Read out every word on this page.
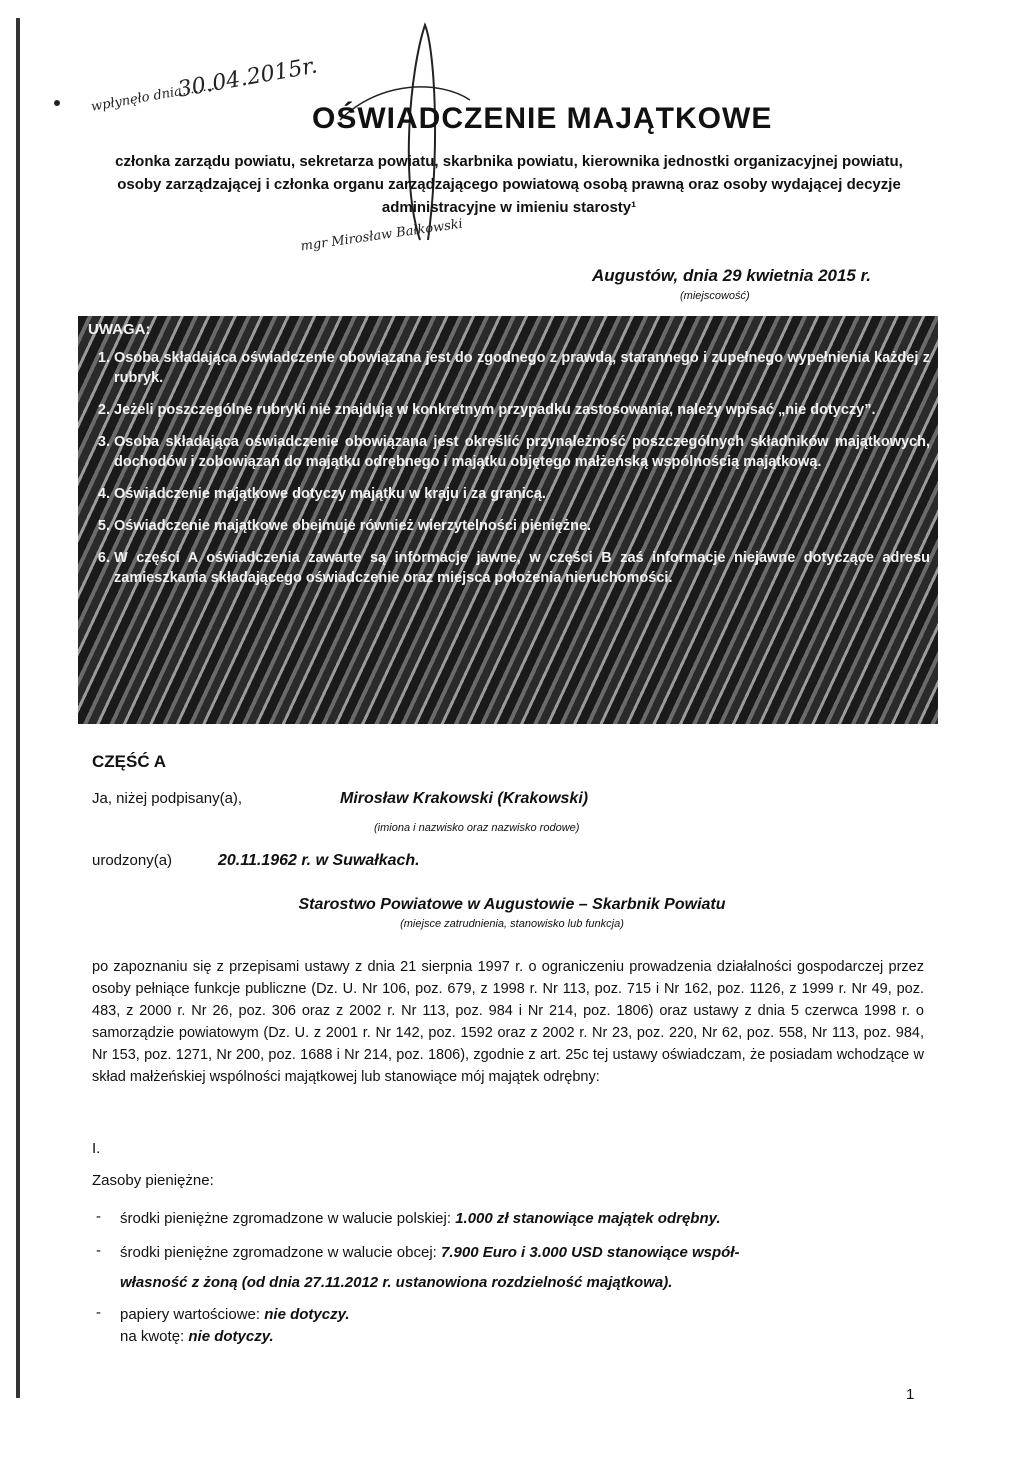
wpłynęło dnia.........
30.04.2015r.
OŚWIADCZENIE MAJĄTKOWE
członka zarządu powiatu, sekretarza powiatu, skarbnika powiatu, kierownika jednostki organizacyjnej powiatu, osoby zarządzającej i członka organu zarządzającego powiatową osobą prawną oraz osoby wydającej decyzje administracyjne w imieniu starosty¹
mgr Mirosław Bałkowski
Augustów, dnia 29 kwietnia 2015 r.
(miejscowość)
UWAGA:
1. Osoba składająca oświadczenie obowiązana jest do zgodnego z prawdą, starannego i zupełnego wypełnienia każdej z rubryk.
2. Jeżeli poszczególne rubryki nie znajdują w konkretnym przypadku zastosowania, należy wpisać „nie dotyczy”.
3. Osoba składająca oświadczenie obowiązana jest określić przynależność poszczególnych składników majątkowych, dochodów i zobowiązań do majątku odrębnego i majątku objętego małżeńską wspólnością majątkową.
4. Oświadczenie majątkowe dotyczy majątku w kraju i za granicą.
5. Oświadczenie majątkowe obejmuje również wierzytelności pieniężne.
6. W części A oświadczenia zawarte są informacje jawne, w części B zaś informacje niejawne dotyczące adresu zamieszkania składającego oświadczenie oraz miejsca położenia nieruchomości.
CZĘŚĆ A
Ja, niżej podpisany(a),	Mirosław Krakowski (Krakowski)
(imiona i nazwisko oraz nazwisko rodowe)
urodzony(a)	20.11.1962 r. w Suwałkach.
Starostwo Powiatowe w Augustowie – Skarbnik Powiatu
(miejsce zatrudnienia, stanowisko lub funkcja)
po zapoznaniu się z przepisami ustawy z dnia 21 sierpnia 1997 r. o ograniczeniu prowadzenia działalności gospodarczej przez osoby pełniące funkcje publiczne (Dz. U. Nr 106, poz. 679, z 1998 r. Nr 113, poz. 715 i Nr 162, poz. 1126, z 1999 r. Nr 49, poz. 483, z 2000 r. Nr 26, poz. 306 oraz z 2002 r. Nr 113, poz. 984 i Nr 214, poz. 1806) oraz ustawy z dnia 5 czerwca 1998 r. o samorządzie powiatowym (Dz. U. z 2001 r. Nr 142, poz. 1592 oraz z 2002 r. Nr 23, poz. 220, Nr 62, poz. 558, Nr 113, poz. 984, Nr 153, poz. 1271, Nr 200, poz. 1688 i Nr 214, poz. 1806), zgodnie z art. 25c tej ustawy oświadczam, że posiadam wchodzące w skład małżeńskiej wspólności majątkowej lub stanowiące mój majątek odrębny:
I.
Zasoby pieniężne:
- środki pieniężne zgromadzone w walucie polskiej: 1.000 zł stanowiące majątek odrębny.
- środki pieniężne zgromadzone w walucie obcej: 7.900 Euro i 3.000 USD stanowiące współ-
własność z żoną (od dnia 27.11.2012 r. ustanowiona rozdzielność majątkowa).
- papiery wartościowe: nie dotyczy.
na kwotę: nie dotyczy.
1
